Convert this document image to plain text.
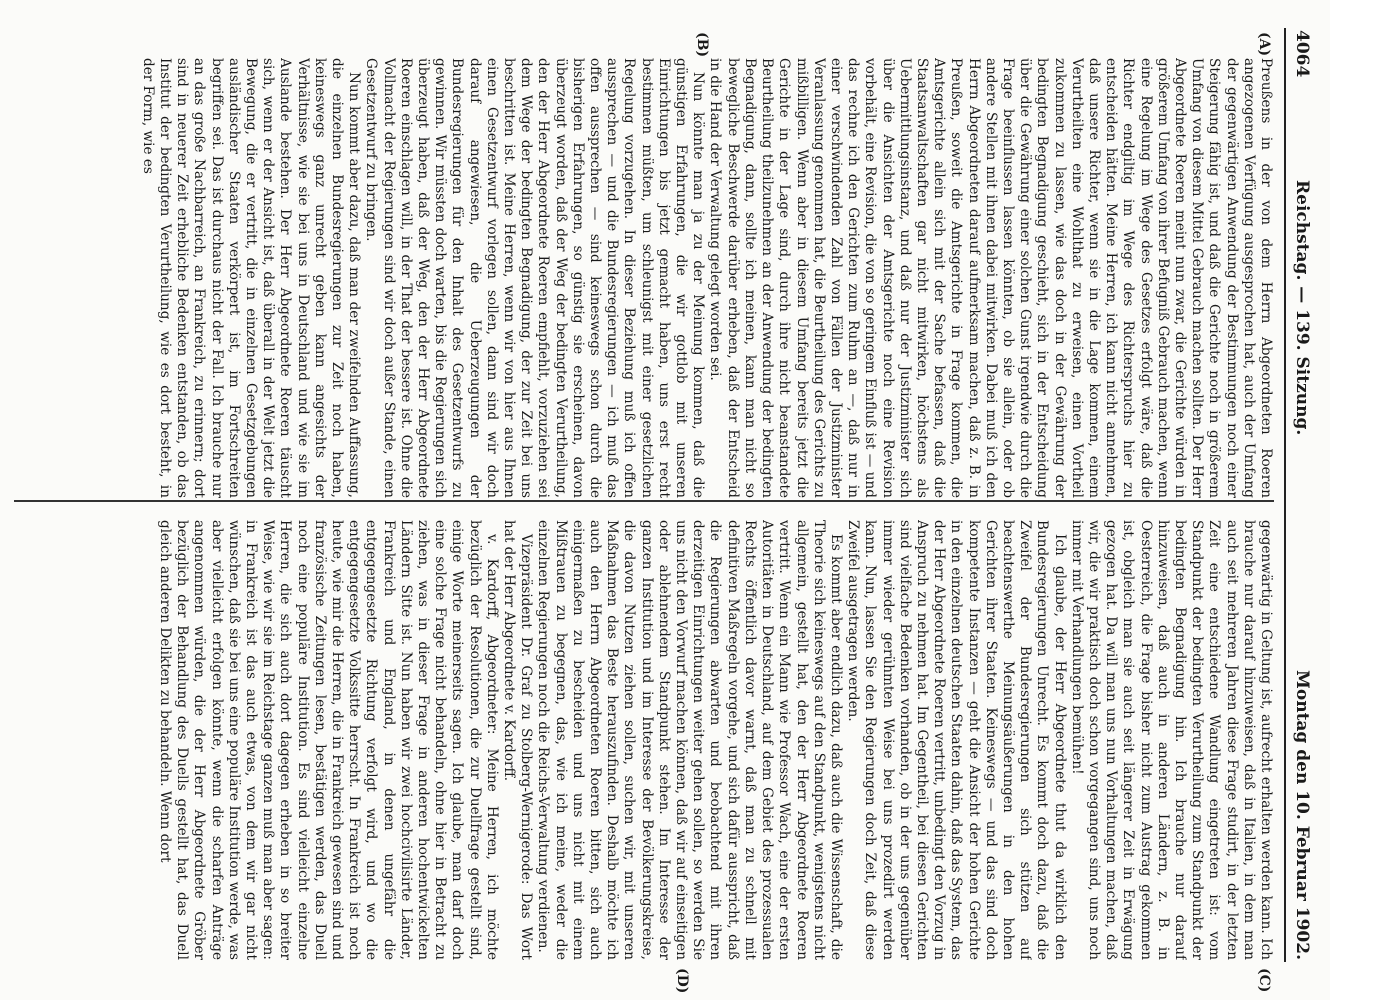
4064
Reichstag. — 139. Sitzung.
Montag den 10. Februar 1902.
(A)
(B)
(C)
(D)

Preußens in der von dem Herrn Abgeordneten Roeren angezogenen Verfügung ausgesprochen hat, auch der Umfang der gegenwärtigen Anwendung der Bestimmungen noch einer Steigerung fähig ist, und daß die Gerichte noch in größerem Umfang von diesem Mittel Gebrauch machen sollten. Der Herr Abgeordnete Roeren meint nun zwar, die Gerichte würden in größerem Umfang von ihrer Befugniß Gebrauch machen, wenn eine Regelung im Wege des Gesetzes erfolgt wäre, daß die Richter endgiltig im Wege des Richterspruchs hier zu entscheiden hätten. Meine Herren, ich kann nicht annehmen, daß unsere Richter, wenn sie in die Lage kommen, einem Verurtheilten eine Wohlthat zu erweisen, einen Vortheil zukommen zu lassen, wie das doch in der Gewährung der bedingten Begnadigung geschieht, sich in der Entscheidung über die Gewährung einer solchen Gunst irgendwie durch die Frage beeinflussen lassen könnten, ob sie allein, oder ob andere Stellen mit ihnen dabei mitwirken. Dabei muß ich den Herrn Abgeordneten darauf aufmerksam machen, daß z. B. in Preußen, soweit die Amtsgerichte in Frage kommen, die Amtsgerichte allein sich mit der Sache befassen, daß die Staatsanwaltschaften gar nicht mitwirken, höchstens als Uebermittlungsinstanz, und daß nur der Justizminister sich über die Ansichten der Amtsgerichte noch eine Revision vorbehält, eine Revision, die von so geringem Einfluß ist — und das rechne ich den Gerichten zum Ruhm an —, daß nur in einer verschwindenden Zahl von Fällen der Justizminister Veranlassung genommen hat, die Beurtheilung des Gerichts zu mißbilligen. Wenn aber in diesem Umfang bereits jetzt die Gerichte in der Lage sind, durch ihre nicht beanstandete Beurtheilung theilzunehmen an der Anwendung der bedingten Begnadigung, dann, sollte ich meinen, kann man nicht so bewegliche Beschwerde darüber erheben, daß der Entscheid in die Hand der Verwaltung gelegt worden sei.

Nun könnte man ja zu der Meinung kommen, daß die günstigen Erfahrungen, die wir gottlob mit unseren Einrichtungen bis jetzt gemacht haben, uns erst recht bestimmen müßten, um schleunigst mit einer gesetzlichen Regelung vorzugehen. In dieser Beziehung muß ich offen aussprechen — und die Bundesregierungen — ich muß das offen aussprechen — sind keineswegs schon durch die bisherigen Erfahrungen, so günstig sie erscheinen, davon überzeugt worden, daß der Weg der bedingten Verurtheilung, den der Herr Abgeordnete Roeren empfiehlt, vorzuziehen sei dem Wege der bedingten Begnadigung, der zur Zeit bei uns beschritten ist. Meine Herren, wenn wir von hier aus Ihnen einen Gesetzentwurf vorlegen sollen, dann sind wir doch darauf angewiesen, die Ueberzeugungen der Bundesregierungen für den Inhalt des Gesetzentwurfs zu gewinnen. Wir müssten doch warten, bis die Regierungen sich überzeugt haben, daß der Weg, den der Herr Abgeordnete Roeren einschlagen will, in der That der bessere ist. Ohne die Vollmacht der Regierungen sind wir doch außer Stande, einen Gesetzentwurf zu bringen.

Nun kommt aber dazu, daß man der zweifelnden Auffassung, die einzelnen Bundesregierungen zur Zeit noch haben, keineswegs ganz unrecht geben kann angesichts der Verhältnisse, wie sie bei uns in Deutschland und wie sie im Auslande bestehen. Der Herr Abgeordnete Roeren täuscht sich, wenn er der Ansicht ist, daß überall in der Welt jetzt die Bewegung, die er vertritt, die in einzelnen Gesetzgebungen ausländischer Staaten verkörpert ist, im Fortschreiten begriffen sei. Das ist durchaus nicht der Fall. Ich brauche nur an das große Nachbarreich, an Frankreich, zu erinnern; dort sind in neuerer Zeit erhebliche Bedenken entstanden, ob das Institut der bedingten Verurtheilung, wie es dort besteht, in der Form, wie es

gegenwärtig in Geltung ist, aufrecht erhalten werden kann. Ich brauche nur darauf hinzuweisen, daß in Italien, in dem man auch seit mehreren Jahren diese Frage studirt, in der letzten Zeit eine entschiedene Wandlung eingetreten ist: vom Standpunkt der bedingten Verurtheilung zum Standpunkt der bedingten Begnadigung hin. Ich brauche nur darauf hinzuweisen, daß auch in anderen Ländern, z. B. in Oesterreich, die Frage bisher nicht zum Austrag gekommen ist, obgleich man sie auch seit längerer Zeit in Erwägung gezogen hat. Da will man uns nun Vorhaltungen machen, daß wir, die wir praktisch doch schon vorgegangen sind, uns noch immer mit Verhandlungen bemühen!

Ich glaube, der Herr Abgeordnete thut da wirklich den Bundesregierungen Unrecht. Es kommt doch dazu, daß die Zweifel der Bundesregierungen sich stützen auf beachtenswerthe Meinungsäußerungen in den hohen Gerichten ihrer Staaten. Keineswegs — und das sind doch kompetente Instanzen — geht die Ansicht der hohen Gerichte in den einzelnen deutschen Staaten dahin, daß das System, das der Herr Abgeordnete Roeren vertritt, unbedingt den Vorzug in Anspruch zu nehmen hat. Im Gegentheil, bei diesen Gerichten sind vielfache Bedenken vorhanden, ob in der uns gegenüber immer wieder gerühmten Weise bei uns prozedirt werden kann. Nun, lassen Sie den Regierungen doch Zeit, daß diese Zweifel ausgetragen werden.

Es kommt aber endlich dazu, daß auch die Wissenschaft, die Theorie sich keineswegs auf den Standpunkt, wenigstens nicht allgemein, gestellt hat, den der Herr Abgeordnete Roeren vertritt. Wenn ein Mann wie Professor Wach, eine der ersten Autoritäten in Deutschland, auf dem Gebiet des prozessualen Rechts öffentlich davor warnt, daß man zu schnell mit definitiven Maßregeln vorgehe, und sich dafür ausspricht, daß die Regierungen abwarten und beobachtend mit ihren derzeitigen Einrichtungen weiter gehen sollen, so werden Sie uns nicht den Vorwurf machen können, daß wir auf einseitigen oder ablehnendem Standpunkt stehen. Im Interesse der ganzen Institution und im Interesse der Bevölkerungskreise, die davon Nutzen ziehen sollen, suchen wir, mit unseren Maßnahmen das Beste herauszufinden. Deshalb möchte ich auch den Herrn Abgeordneten Roeren bitten, sich auch einigermaßen zu bescheiden und uns nicht mit einem Mißtrauen zu begegnen, das, wie ich meine, weder die einzelnen Regierungen noch die Reichs-Verwaltung verdienen.

Vizepräsident Dr. Graf zu Stolberg-Wernigerode: Das Wort hat der Herr Abgeordnete v. Kardorff.

v. Kardorff, Abgeordneter: Meine Herren, ich möchte bezüglich der Resolutionen, die zur Duellfrage gestellt sind, einige Worte meinerseits sagen. Ich glaube, man darf doch eine solche Frage nicht behandeln, ohne hier in Betracht zu ziehen, was in dieser Frage in anderen hochentwickelten Ländern Sitte ist. Nun haben wir zwei hochcivilisirte Länder, Frankreich und England, in denen ungefähr die entgegengesetzte Richtung verfolgt wird, und wo die entgegengesetzte Volkssitte herrscht. In Frankreich ist noch heute, wie mir die Herren, die in Frankreich gewesen sind und französische Zeitungen lesen, bestätigen werden, das Duell noch eine populäre Institution. Es sind vielleicht einzelne Herren, die sich auch dort dagegen erheben in so breiter Weise, wie wir sie im Reichstage ganzen muß man aber sagen: in Frankreich ist das auch etwas, von dem wir gar nicht wünschen, daß sie bei uns eine populäre Institution werde, was aber vielleicht erfolgen könnte, wenn die scharfen Anträge angenommen würden, die der Herr Abgeordnete Gröber bezüglich der Behandlung des Duells gestellt hat, das Duell gleich anderen Delikten zu behandeln. Wenn dort
